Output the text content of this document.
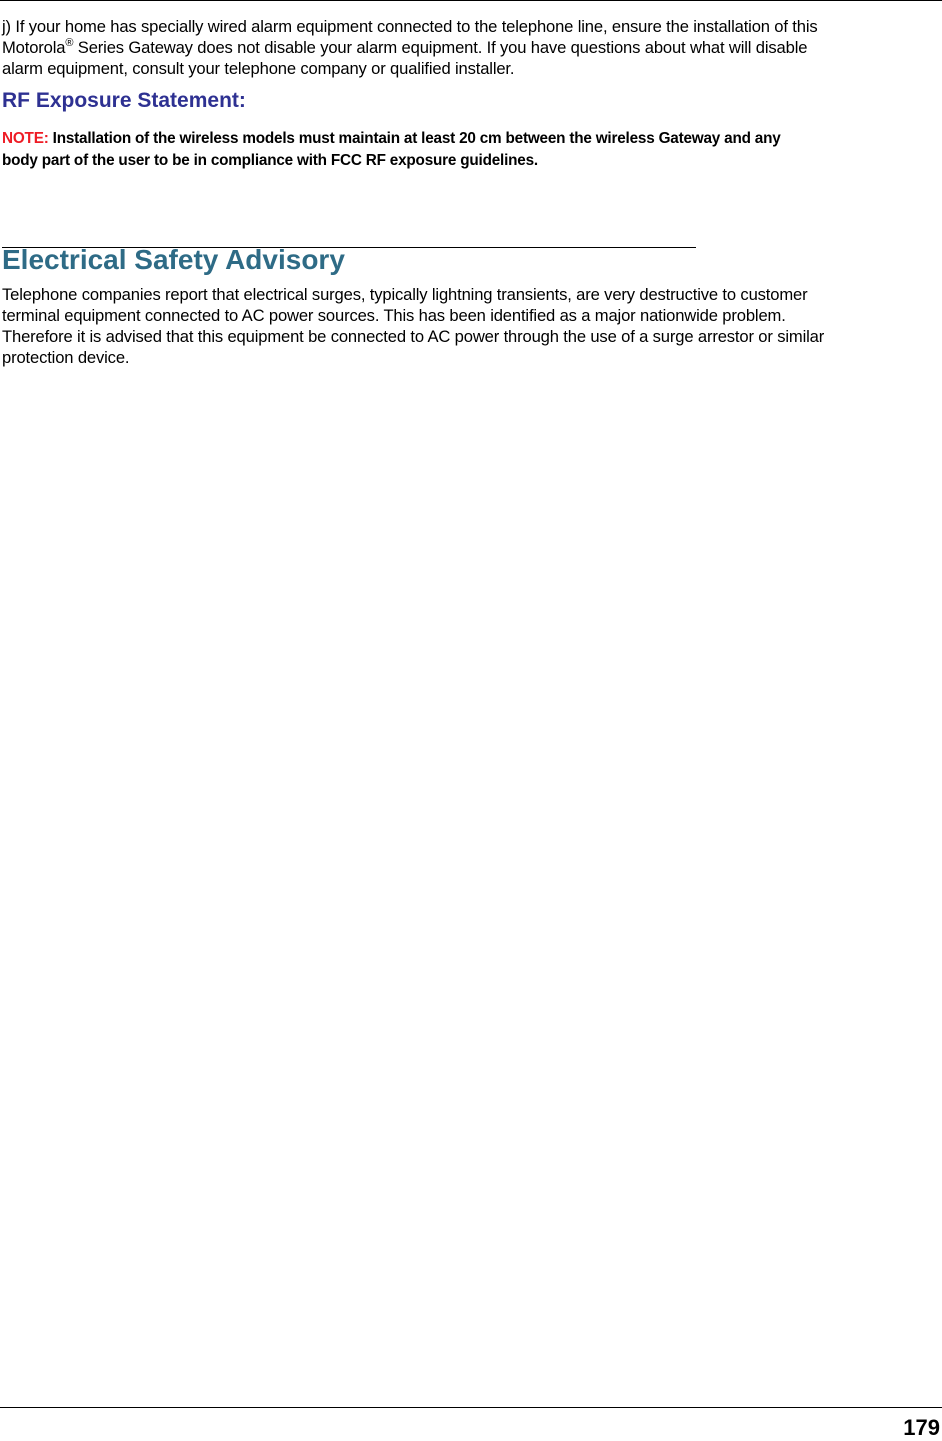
j) If your home has specially wired alarm equipment connected to the telephone line, ensure the installation of this
Motorola® Series Gateway does not disable your alarm equipment. If you have questions about what will disable
alarm equipment, consult your telephone company or qualified installer.
RF Exposure Statement:
NOTE: Installation of the wireless models must maintain at least 20 cm between the wireless Gateway and any
body part of the user to be in compliance with FCC RF exposure guidelines.
Electrical Safety Advisory
Telephone companies report that electrical surges, typically lightning transients, are very destructive to customer
terminal equipment connected to AC power sources. This has been identified as a major nationwide problem.
Therefore it is advised that this equipment be connected to AC power through the use of a surge arrestor or similar
protection device.
179
